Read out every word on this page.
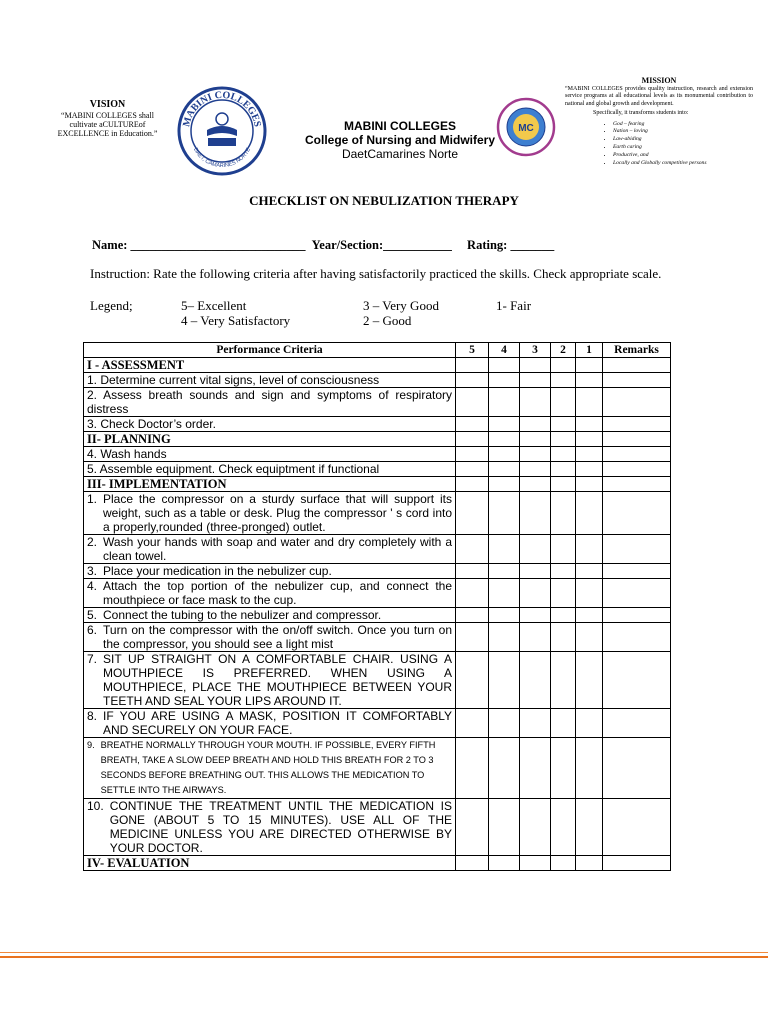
VISION
“MABINI COLLEGES shall
cultivate aCULTUREof
EXCELLENCE in Education.”
MABINI COLLEGES
DAET, CAMARINES NORTE
MABINI COLLEGES
College of Nursing and Midwifery
DaetCamarines Norte
MC
MISSION

“MABINI COLLEGES provides quality instruction, research and extension service programs at all educational levels as its monumental contribution to national and global growth and development.

Specifically, it transforms students into:

• God – fearing
• Nation – loving
• Law-abiding
• Earth caring
• Productive, and
• Locally and Globally competitive persons
CHECKLIST ON NEBULIZATION THERAPY
Name: ____________________________ Year/Section:___________ Rating: _______
Instruction: Rate the following criteria after having satisfactorily practiced the skills. Check appropriate scale.
Legend;	5– Excellent	3 – Very Good	1- Fair
4 – Very Satisfactory	2 – Good
Performance Criteria	5	4	3	2	1	Remarks
I - ASSESSMENT						
1. Determine current vital signs, level of consciousness						
2. Assess breath sounds and sign and symptoms of respiratory distress						
3. Check Doctor’s order.						
II- PLANNING						
4. Wash hands						
5. Assemble equipment. Check equiptment if functional						
III- IMPLEMENTATION						

1. Place the compressor on a sturdy surface that will support its weight, such as a table or desk. Plug the compressor ' s cord into a properly,rounded (three-pronged) outlet.						

2. Wash your hands with soap and water and dry completely with a clean towel.						

3. Place your medication in the nebulizer cup.						

4. Attach the top portion of the nebulizer cup, and connect the mouthpiece or face mask to the cup.						

5. Connect the tubing to the nebulizer and compressor.						

6. Turn on the compressor with the on/off switch. Once you turn on the compressor, you should see a light mist						

7. SIT UP STRAIGHT ON A COMFORTABLE CHAIR. USING A MOUTHPIECE IS PREFERRED. WHEN USING A MOUTHPIECE, PLACE THE MOUTHPIECE BETWEEN YOUR TEETH AND SEAL YOUR LIPS AROUND IT.						

8. IF YOU ARE USING A MASK, POSITION IT COMFORTABLY AND SECURELY ON YOUR FACE.						

9. BREATHE NORMALLY THROUGH YOUR MOUTH. IF POSSIBLE, EVERY FIFTH BREATH, TAKE A SLOW DEEP BREATH AND HOLD THIS BREATH FOR 2 TO 3 SECONDS BEFORE BREATHING OUT. THIS ALLOWS THE MEDICATION TO SETTLE INTO THE AIRWAYS.						

10. CONTINUE THE TREATMENT UNTIL THE MEDICATION IS GONE (ABOUT 5 TO 15 MINUTES). USE ALL OF THE MEDICINE UNLESS YOU ARE DIRECTED OTHERWISE BY YOUR DOCTOR.						

IV- EVALUATION						
